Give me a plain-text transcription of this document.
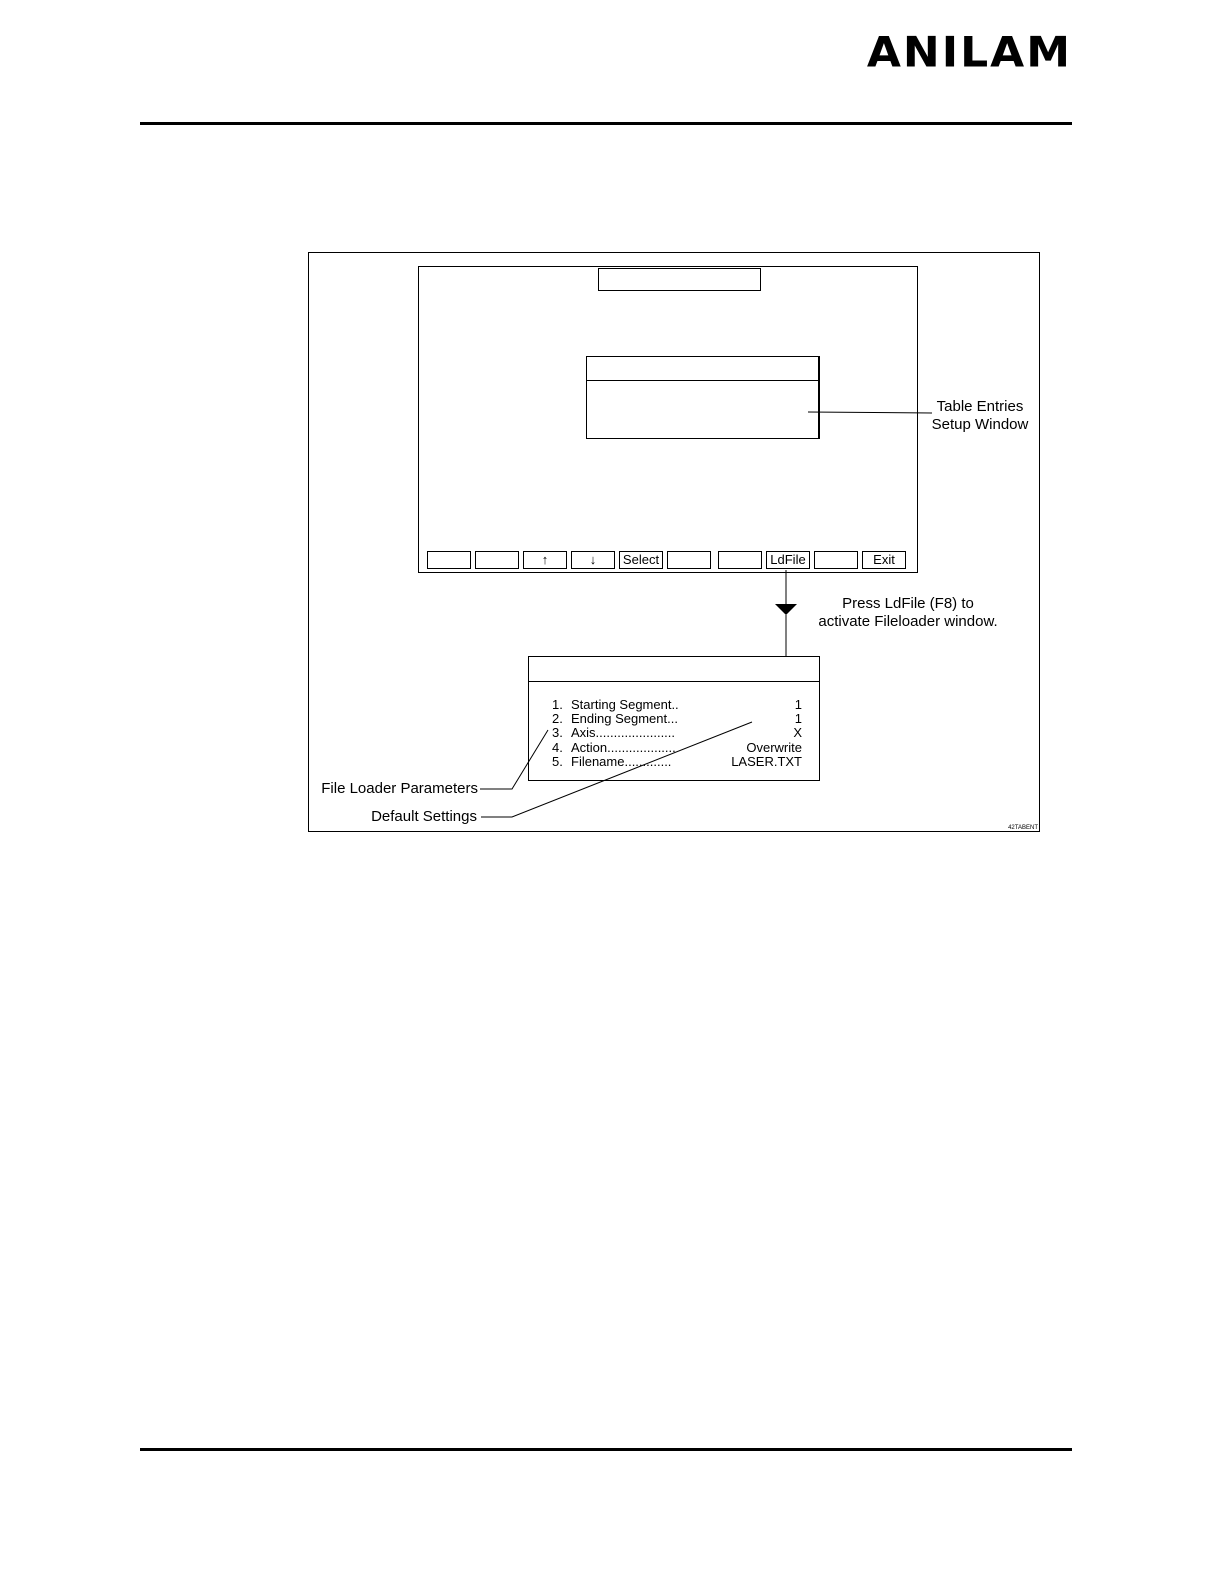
ANILAM
↑	↓	Select	LdFile	Exit
1. Starting Segment..	1
2. Ending Segment...	1
3. Axis......................	X
4. Action...................	Overwrite
5. Filename.............	LASER.TXT
Table Entries
Setup Window
Press LdFile (F8) to
activate Fileloader window.
File Loader Parameters
Default Settings
42TABENT
